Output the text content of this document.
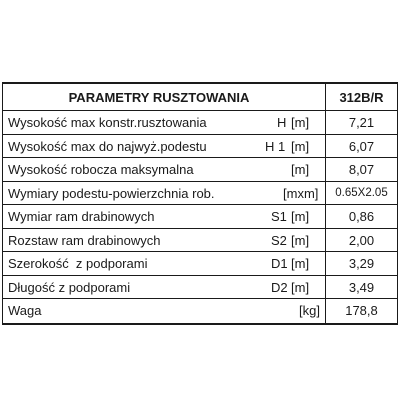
PARAMETRY RUSZTOWANIA	312B/R
Wysokość max konstr.rusztowania	H [m]	7,21
Wysokość max do najwyż.podestu	H 1 [m]	6,07
Wysokość robocza maksymalna	[m]	8,07
Wymiary podestu-powierzchnia rob.	[mxm]	0.65X2.05
Wymiar ram drabinowych	S1 [m]	0,86
Rozstaw ram drabinowych	S2 [m]	2,00
Szerokość  z podporami	D1 [m]	3,29
Długość z podporami	D2 [m]	3,49
Waga	[kg]	178,8
